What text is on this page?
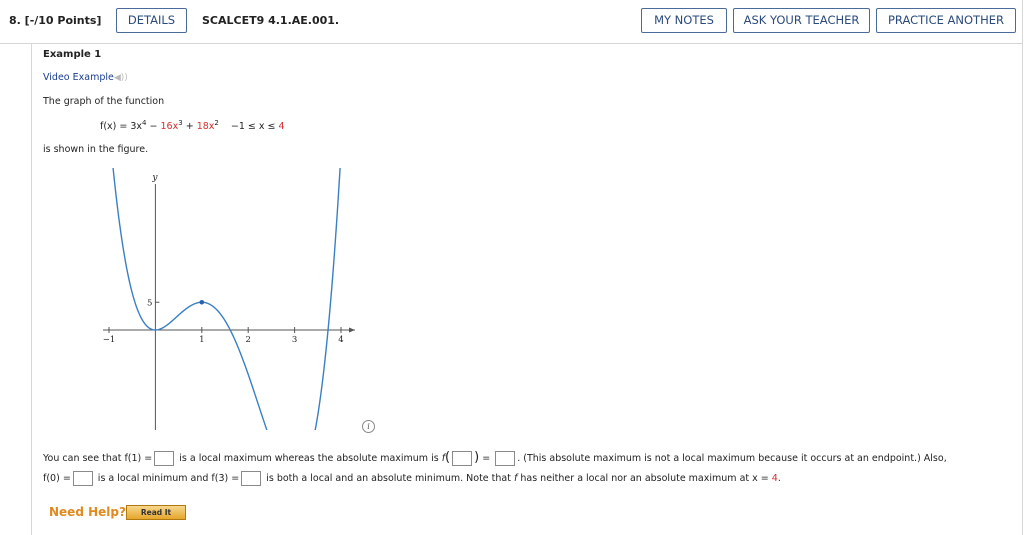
8. [-/10 Points]	DETAILS	SCALCET9 4.1.AE.001.	MY NOTES	ASK YOUR TEACHER	PRACTICE ANOTHER
Example 1
Video Example◀))
The graph of the function
$f(x) = 3x^4 - 16x^3 + 18x^2 -1 \le x \le 4$
is shown in the figure.
y
−1	1	2	3	4
5
i
You can see that f(1) =	is a local maximum whereas the absolute maximum is f( ) =	. (This absolute maximum is not a local maximum because it occurs at an endpoint.) Also,
f(0) =	is a local minimum and f(3) =	is both a local and an absolute minimum. Note that f has neither a local nor an absolute maximum at x = 4.
Need Help?	Read It
